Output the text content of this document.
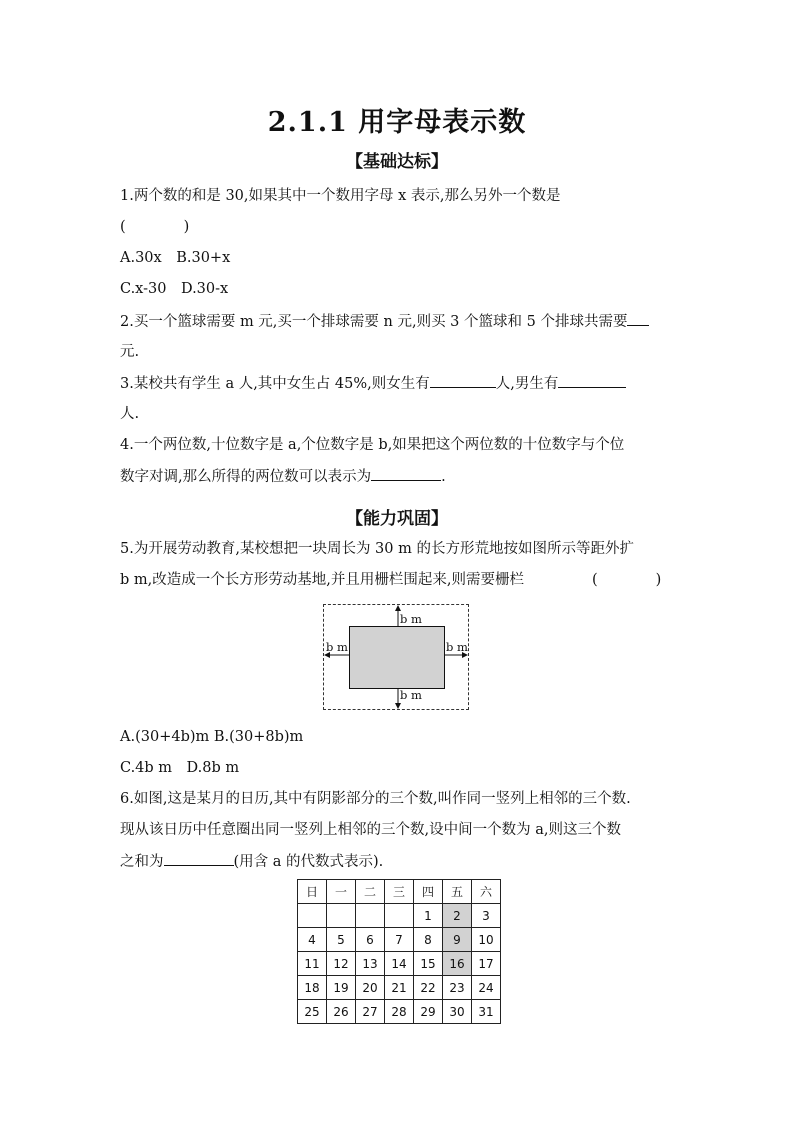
2.1.1 用字母表示数
【基础达标】
1.两个数的和是 30,如果其中一个数用字母 x 表示,那么另外一个数是
(　　　　)
A.30x　B.30+x
C.x-30　D.30-x
2.买一个篮球需要 m 元,买一个排球需要 n 元,则买 3 个篮球和 5 个排球共需要
元.
3.某校共有学生 a 人,其中女生占 45%,则女生有	人,男生有
人.
4.一个两位数,十位数字是 a,个位数字是 b,如果把这个两位数的十位数字与个位
数字对调,那么所得的两位数可以表示为	.
【能力巩固】
5.为开展劳动教育,某校想把一块周长为 30 m 的长方形荒地按如图所示等距外扩
b m,改造成一个长方形劳动基地,并且用栅栏围起来,则需要栅栏	(　　　　)
b m
b m
b m	b m
A.(30+4b)m B.(30+8b)m
C.4b m　D.8b m
6.如图,这是某月的日历,其中有阴影部分的三个数,叫作同一竖列上相邻的三个数.
现从该日历中任意圈出同一竖列上相邻的三个数,设中间一个数为 a,则这三个数
之和为	(用含 a 的代数式表示).
日	一	二	三	四	五	六
				1	2	3
4	5	6	7	8	9	10
11	12	13	14	15	16	17
18	19	20	21	22	23	24
25	26	27	28	29	30	31
